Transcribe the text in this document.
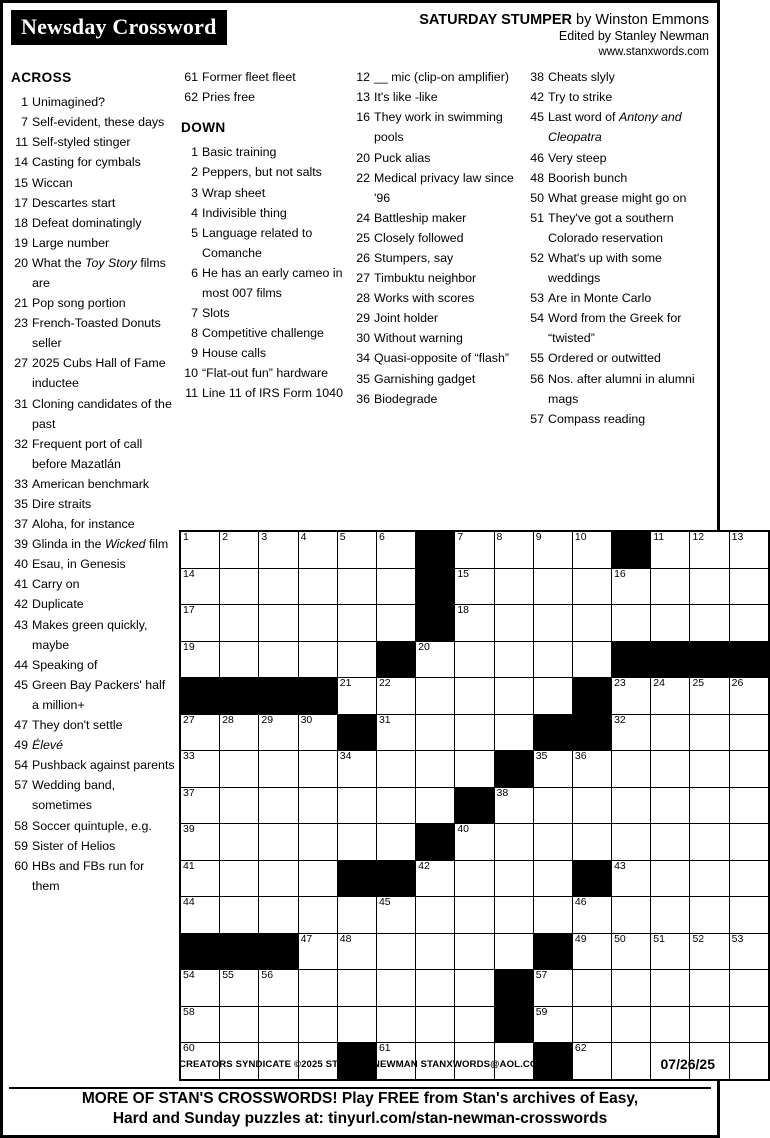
Newsday Crossword	SATURDAY STUMPER by Winston Emmons
Edited by Stanley Newman
www.stanxwords.com
ACROSS
1 Unimagined?
7 Self-evident, these days
11 Self-styled stinger
14 Casting for cymbals
15 Wiccan
17 Descartes start
18 Defeat dominatingly
19 Large number
20 What the Toy Story films are
21 Pop song portion
23 French-Toasted Donuts seller
27 2025 Cubs Hall of Fame inductee
31 Cloning candidates of the past
32 Frequent port of call before Mazatlán
33 American benchmark
35 Dire straits
37 Aloha, for instance
39 Glinda in the Wicked film
40 Esau, in Genesis
41 Carry on
42 Duplicate
43 Makes green quickly, maybe
44 Speaking of
45 Green Bay Packers' half a million+
47 They don't settle
49 Élevé
54 Pushback against parents
57 Wedding band, sometimes
58 Soccer quintuple, e.g.
59 Sister of Helios
60 HBs and FBs run for them
61 Former fleet fleet
62 Pries free
DOWN
1 Basic training
2 Peppers, but not salts
3 Wrap sheet
4 Indivisible thing
5 Language related to Comanche
6 He has an early cameo in most 007 films
7 Slots
8 Competitive challenge
9 House calls
10 “Flat-out fun” hardware
11 Line 11 of IRS Form 1040
12 __ mic (clip-on amplifier)
13 It's like -like
16 They work in swimming pools
20 Puck alias
22 Medical privacy law since '96
24 Battleship maker
25 Closely followed
26 Stumpers, say
27 Timbuktu neighbor
28 Works with scores
29 Joint holder
30 Without warning
34 Quasi-opposite of “flash”
35 Garnishing gadget
36 Biodegrade
38 Cheats slyly
42 Try to strike
45 Last word of Antony and Cleopatra
46 Very steep
48 Boorish bunch
50 What grease might go on
51 They've got a southern Colorado reservation
52 What's up with some weddings
53 Are in Monte Carlo
54 Word from the Greek for “twisted”
55 Ordered or outwitted
56 Nos. after alumni in alumni mags
57 Compass reading
1	2	3	4	5	6		7	8	9	10		11	12	13

14							15				16			

17							18							

19						20								

				21	22						23	24	25	26

27	28	29	30		31						32			

33				34					35	36				

37								38						

39							40							

41						42					43			

44					45					46				

			47	48						49	50	51	52	53

54	55	56							57					

58									59					

60					61					62				

CREATORS SYNDICATE ©2025 STANLEY NEWMAN STANXWORDS@AOL.COM	07/26/25
MORE OF STAN'S CROSSWORDS! Play FREE from Stan's archives of Easy,
Hard and Sunday puzzles at: tinyurl.com/stan-newman-crosswords
